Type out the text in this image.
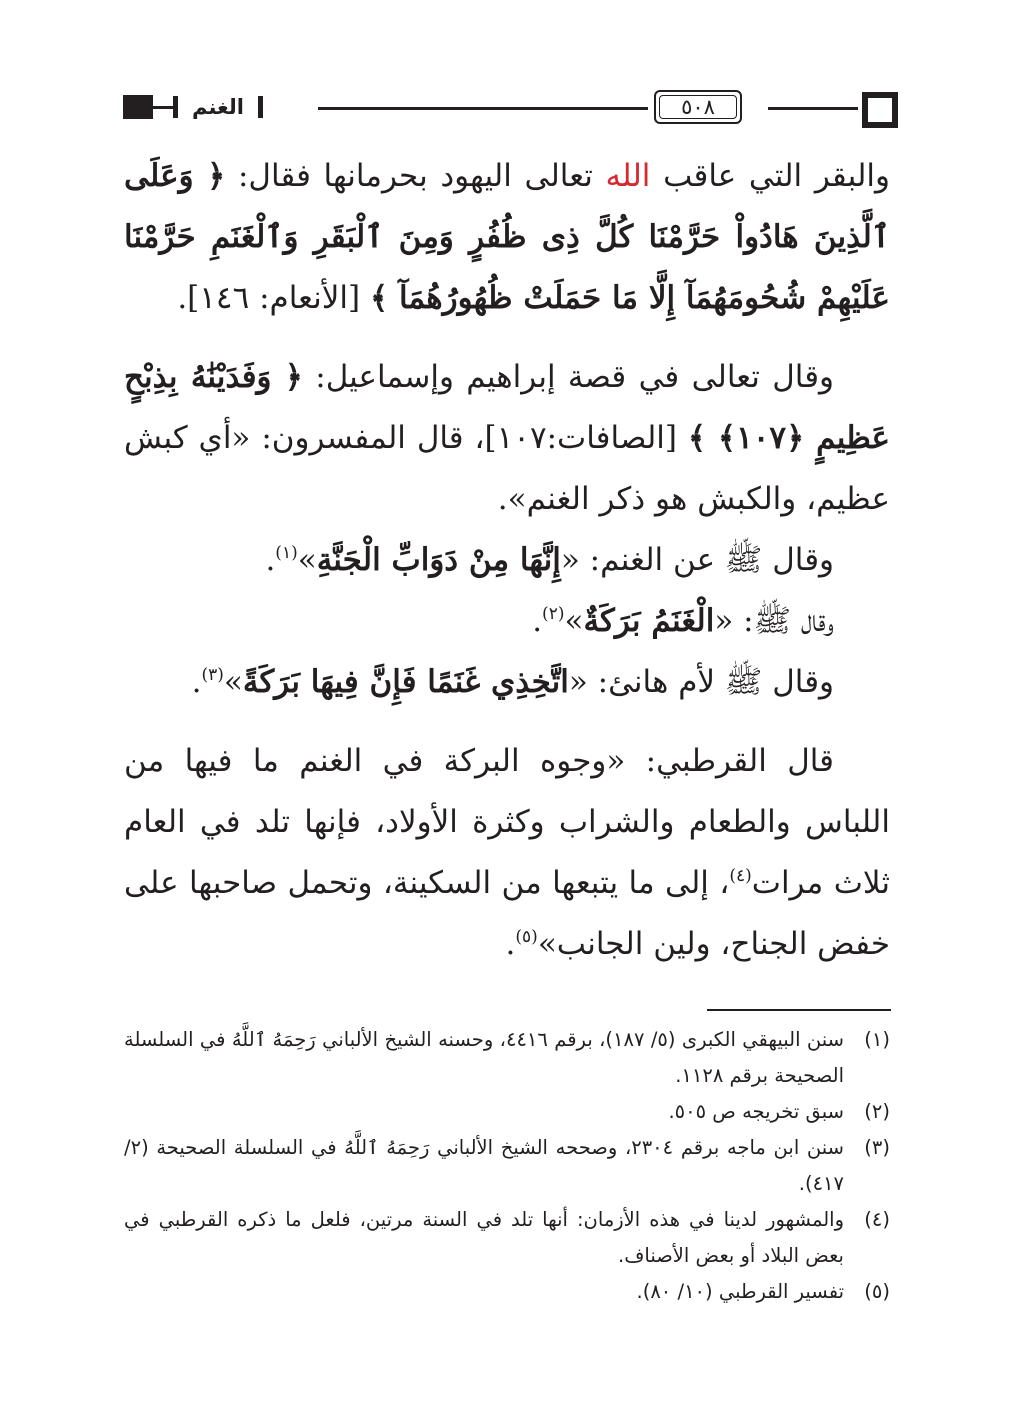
الغنم	٥٠٨

والبقر التي عاقب الله تعالى اليهود بحرمانها فقال: ﴿ وَعَلَى ٱلَّذِينَ هَادُواْ حَرَّمْنَا كُلَّ ذِى ظُفُرٍ وَمِنَ ٱلْبَقَرِ وَٱلْغَنَمِ حَرَّمْنَا عَلَيْهِمْ شُحُومَهُمَآ إِلَّا مَا حَمَلَتْ ظُهُورُهُمَآ ﴾ [الأنعام: ١٤٦].

وقال تعالى في قصة إبراهيم وإسماعيل: ﴿ وَفَدَيْنَٰهُ بِذِبْحٍ عَظِيمٍ ﴿١٠٧﴾ ﴾ [الصافات:١٠٧]، قال المفسرون: «أي كبش عظيم، والكبش هو ذكر الغنم».

وقال ﷺ عن الغنم: «إِنَّهَا مِنْ دَوَابِّ الْجَنَّةِ»$^{(١)}$.

وقال ﷺ: «الْغَنَمُ بَرَكَةٌ»$^{(٢)}$.

وقال ﷺ لأم هانئ: «اتَّخِذِي غَنَمًا فَإِنَّ فِيهَا بَرَكَةً»$^{(٣)}$.

قال القرطبي: «وجوه البركة في الغنم ما فيها من اللباس والطعام والشراب وكثرة الأولاد، فإنها تلد في العام ثلاث مرات$^{(٤)}$، إلى ما يتبعها من السكينة، وتحمل صاحبها على خفض الجناح، ولين الجانب»$^{(٥)}$.

(١)
سنن البيهقي الكبرى (٥/ ١٨٧)، برقم ٤٤١٦، وحسنه الشيخ الألباني رَحِمَهُ ٱللَّهُ في السلسلة الصحيحة برقم ١١٢٨.
(٢)
سبق تخريجه ص ٥٠٥.
(٣)
سنن ابن ماجه برقم ٢٣٠٤، وصححه الشيخ الألباني رَحِمَهُ ٱللَّهُ في السلسلة الصحيحة (٢/ ٤١٧).
(٤)
والمشهور لدينا في هذه الأزمان: أنها تلد في السنة مرتين، فلعل ما ذكره القرطبي في بعض البلاد أو بعض الأصناف.
(٥)
تفسير القرطبي (١٠/ ٨٠).
